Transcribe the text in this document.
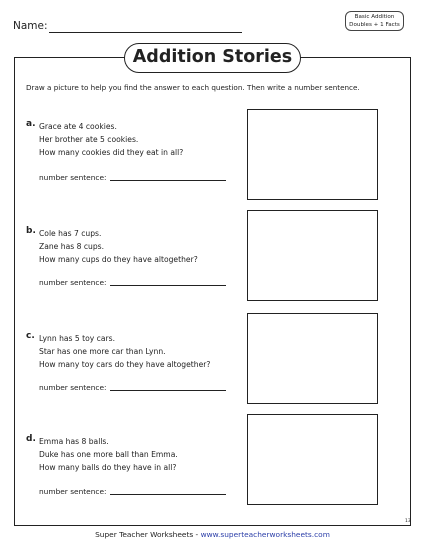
Name:
Basic Addition
Doubles + 1 Facts
Addition Stories
Draw a picture to help you find the answer to each question. Then write a number sentence.
a. Grace ate 4 cookies.
Her brother ate 5 cookies.
How many cookies did they eat in all?
number sentence:
b. Cole has 7 cups.
Zane has 8 cups.
How many cups do they have altogether?
number sentence:
c. Lynn has 5 toy cars.
Star has one more car than Lynn.
How many toy cars do they have altogether?
number sentence:
d. Emma has 8 balls.
Duke has one more ball than Emma.
How many balls do they have in all?
number sentence:
13
Super Teacher Worksheets - www.superteacherworksheets.com
